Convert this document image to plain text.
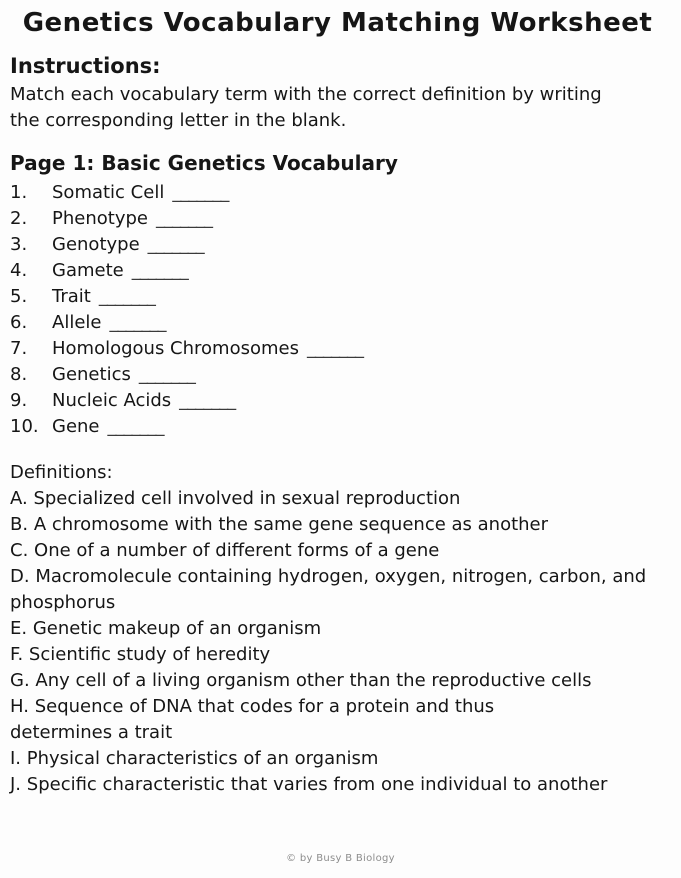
Genetics Vocabulary Matching Worksheet
Instructions:

Match each vocabulary term with the correct definition by writing the corresponding letter in the blank.

Page 1: Basic Genetics Vocabulary
1.	Somatic Cell _______
2.	Phenotype _______
3.	Genotype _______
4.	Gamete _______
5.	Trait _______
6.	Allele _______
7.	Homologous Chromosomes _______
8.	Genetics _______
9.	Nucleic Acids _______
10. Gene _______
Definitions:
A. Specialized cell involved in sexual reproduction
B. A chromosome with the same gene sequence as another
C. One of a number of different forms of a gene
D. Macromolecule containing hydrogen, oxygen, nitrogen, carbon, and phosphorus
E. Genetic makeup of an organism
F. Scientific study of heredity
G. Any cell of a living organism other than the reproductive cells
H. Sequence of DNA that codes for a protein and thus determines a trait
I. Physical characteristics of an organism
J. Specific characteristic that varies from one individual to another
© by Busy B Biology
